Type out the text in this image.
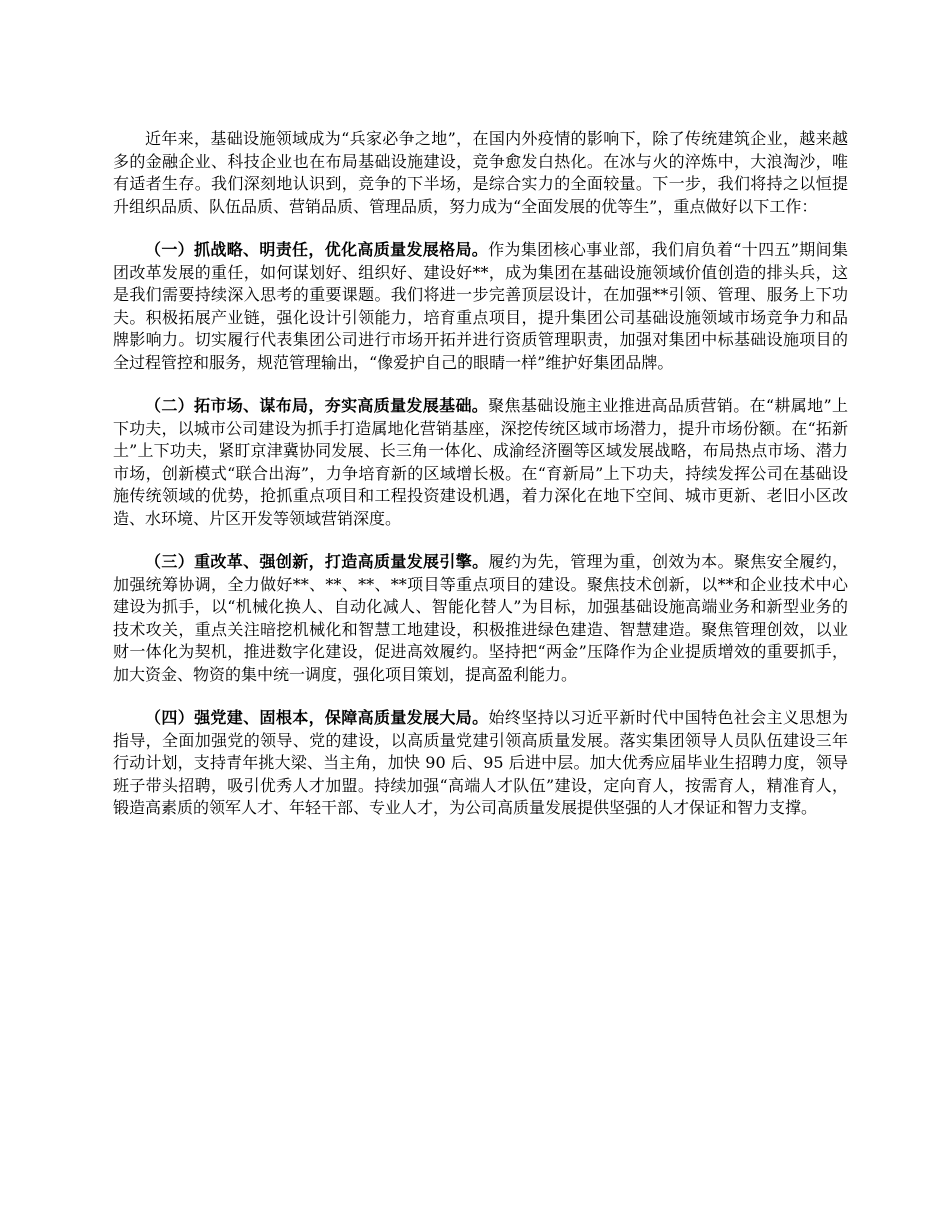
近年来，基础设施领域成为“兵家必争之地”，在国内外疫情的影响下，除了传统建筑企业，越来越多的金融企业、科技企业也在布局基础设施建设，竞争愈发白热化。在冰与火的淬炼中，大浪淘沙，唯有适者生存。我们深刻地认识到，竞争的下半场，是综合实力的全面较量。下一步，我们将持之以恒提升组织品质、队伍品质、营销品质、管理品质，努力成为“全面发展的优等生”，重点做好以下工作：

（一）抓战略、明责任，优化高质量发展格局。作为集团核心事业部，我们肩负着“十四五”期间集团改革发展的重任，如何谋划好、组织好、建设好**，成为集团在基础设施领域价值创造的排头兵，这是我们需要持续深入思考的重要课题。我们将进一步完善顶层设计，在加强**引领、管理、服务上下功夫。积极拓展产业链，强化设计引领能力，培育重点项目，提升集团公司基础设施领域市场竞争力和品牌影响力。切实履行代表集团公司进行市场开拓并进行资质管理职责，加强对集团中标基础设施项目的全过程管控和服务，规范管理输出，“像爱护自己的眼睛一样”维护好集团品牌。

（二）拓市场、谋布局，夯实高质量发展基础。聚焦基础设施主业推进高品质营销。在“耕属地”上下功夫，以城市公司建设为抓手打造属地化营销基座，深挖传统区域市场潜力，提升市场份额。在“拓新土”上下功夫，紧盯京津冀协同发展、长三角一体化、成渝经济圈等区域发展战略，布局热点市场、潜力市场，创新模式“联合出海”，力争培育新的区域增长极。在“育新局”上下功夫，持续发挥公司在基础设施传统领域的优势，抢抓重点项目和工程投资建设机遇，着力深化在地下空间、城市更新、老旧小区改造、水环境、片区开发等领域营销深度。

（三）重改革、强创新，打造高质量发展引擎。履约为先，管理为重，创效为本。聚焦安全履约，加强统筹协调，全力做好**、**、**、**项目等重点项目的建设。聚焦技术创新，以**和企业技术中心建设为抓手，以“机械化换人、自动化减人、智能化替人”为目标，加强基础设施高端业务和新型业务的技术攻关，重点关注暗挖机械化和智慧工地建设，积极推进绿色建造、智慧建造。聚焦管理创效，以业财一体化为契机，推进数字化建设，促进高效履约。坚持把“两金”压降作为企业提质增效的重要抓手，加大资金、物资的集中统一调度，强化项目策划，提高盈利能力。

（四）强党建、固根本，保障高质量发展大局。始终坚持以习近平新时代中国特色社会主义思想为指导，全面加强党的领导、党的建设，以高质量党建引领高质量发展。落实集团领导人员队伍建设三年行动计划，支持青年挑大梁、当主角，加快 90 后、95 后进中层。加大优秀应届毕业生招聘力度，领导班子带头招聘，吸引优秀人才加盟。持续加强“高端人才队伍”建设，定向育人，按需育人，精准育人，锻造高素质的领军人才、年轻干部、专业人才，为公司高质量发展提供坚强的人才保证和智力支撑。
